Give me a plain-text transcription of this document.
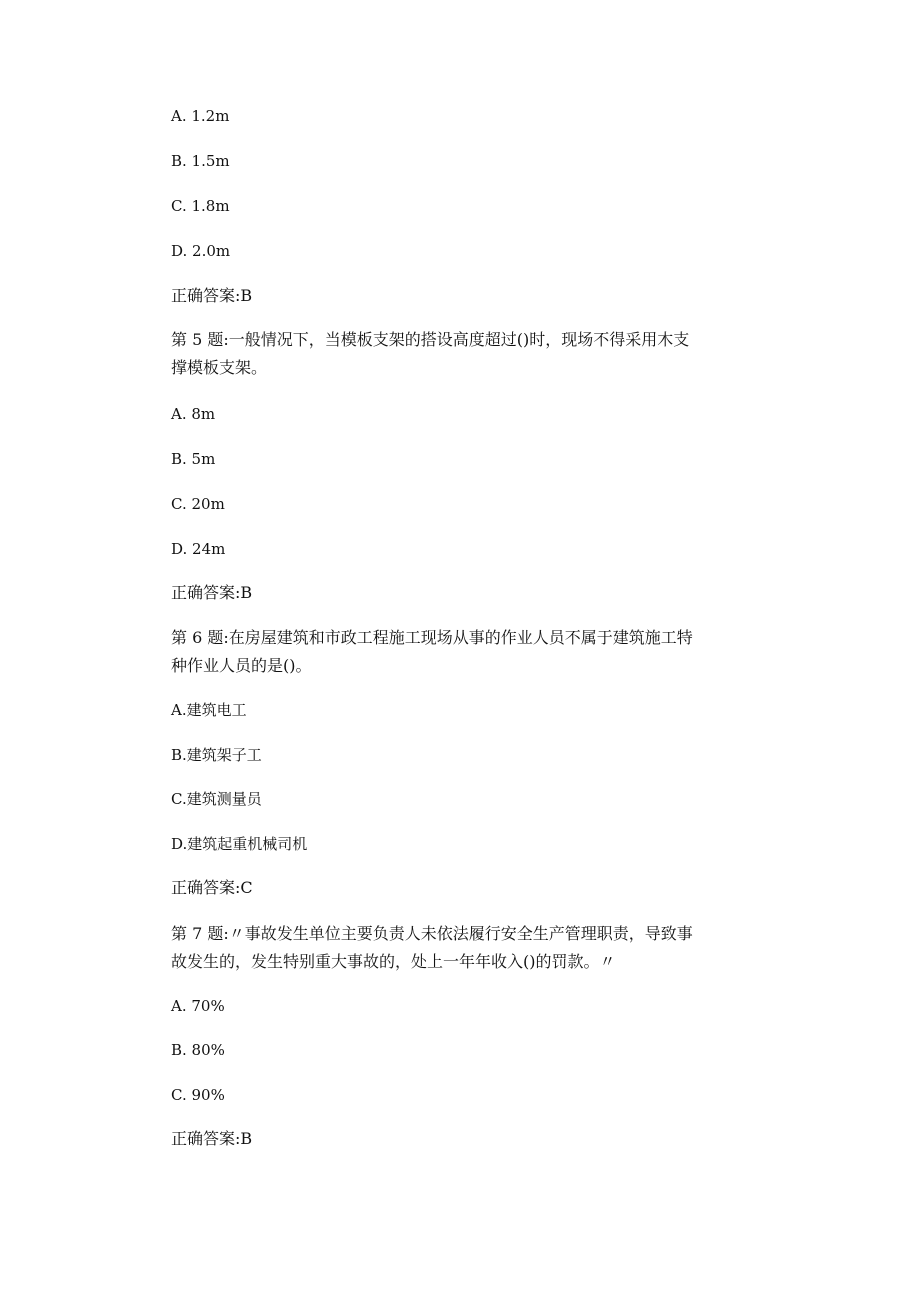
A. 1.2m
B. 1.5m
C. 1.8m
D. 2.0m
正确答案:B
第 5 题:一般情况下，当模板支架的搭设高度超过()时，现场不得采用木支
撑模板支架。
A. 8m
B. 5m
C. 20m
D. 24m
正确答案:B
第 6 题:在房屋建筑和市政工程施工现场从事的作业人员不属于建筑施工特
种作业人员的是()。
A.建筑电工
B.建筑架子工
C.建筑测量员
D.建筑起重机械司机
正确答案:C
第 7 题:〃事故发生单位主要负责人未依法履行安全生产管理职责，导致事
故发生的，发生特别重大事故的，处上一年年收入()的罚款。〃
A. 70%
B. 80%
C. 90%
正确答案:B
